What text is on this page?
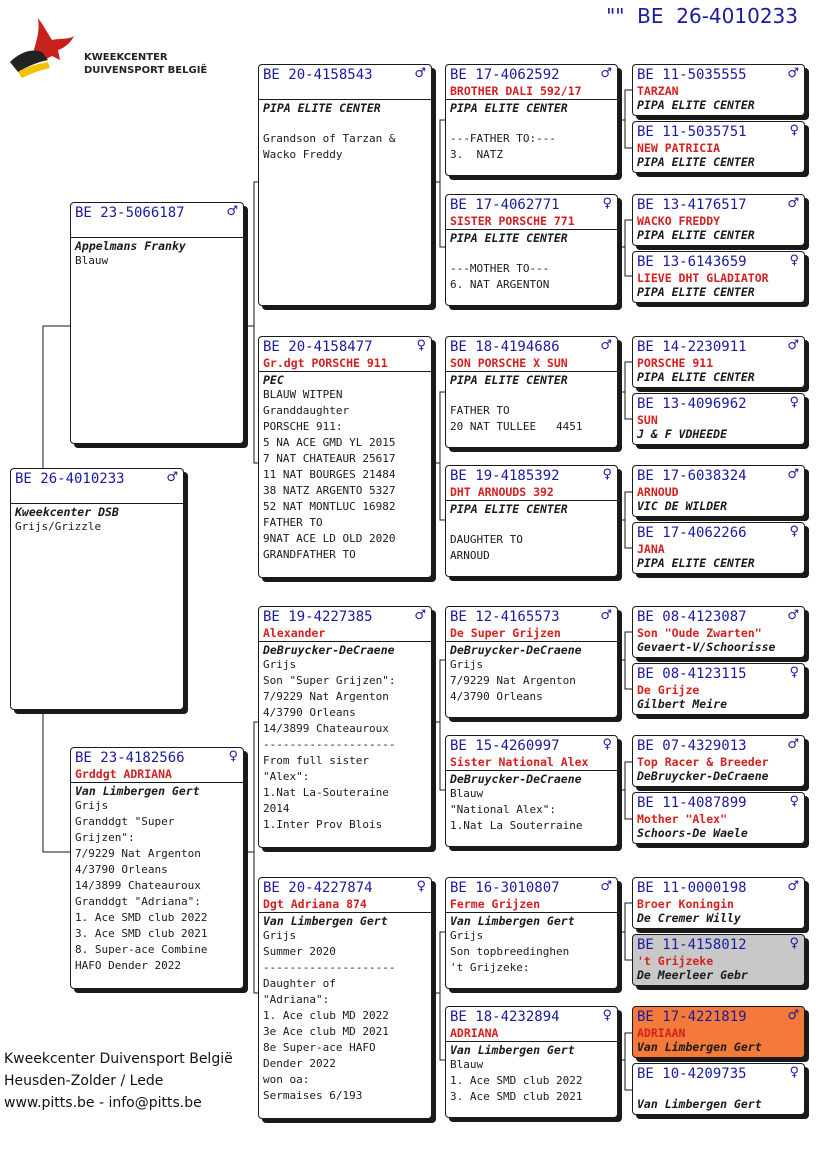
KWEEKCENTER
DUIVENSPORT BELGIË
""  BE  26-4010233
BE 26-4010233	♂

Kweekcenter DSB
Grijs/Grizzle
BE 23-5066187	♂

Appelmans Franky
Blauw
BE 23-4182566	♀
Grddgt ADRIANA
Van Limbergen Gert
Grijs
Granddgt "Super
Grijzen":
7/9229 Nat Argenton
4/3790 Orleans
14/3899 Chateauroux
Granddgt "Adriana":
1. Ace SMD club 2022
3. Ace SMD club 2021
8. Super-ace Combine
HAFO Dender 2022
BE 20-4158543	♂

PIPA ELITE CENTER

Grandson of Tarzan &
Wacko Freddy
BE 20-4158477	♀
Gr.dgt PORSCHE 911
PEC
BLAUW WITPEN
Granddaughter
PORSCHE 911:
5 NA ACE GMD YL 2015
7 NAT CHATEAUR 25617
11 NAT BOURGES 21484
38 NATZ ARGENTO 5327
52 NAT MONTLUC 16982
FATHER TO
9NAT ACE LD OLD 2020
GRANDFATHER TO
BE 19-4227385	♂
Alexander
DeBruycker-DeCraene
Grijs
Son "Super Grijzen":
7/9229 Nat Argenton
4/3790 Orleans
14/3899 Chateauroux
--------------------
From full sister
"Alex":
1.Nat La-Souteraine
2014
1.Inter Prov Blois
BE 20-4227874	♀
Dgt Adriana 874
Van Limbergen Gert
Grijs
Summer 2020
--------------------
Daughter of
"Adriana":
1. Ace club MD 2022
3e Ace club MD 2021
8e Super-ace HAFO
Dender 2022
won oa:
Sermaises 6/193
BE 17-4062592	♂
BROTHER DALI 592/17
PIPA ELITE CENTER

---FATHER TO:---
3.  NATZ
BE 17-4062771	♀
SISTER PORSCHE 771
PIPA ELITE CENTER

---MOTHER TO---
6. NAT ARGENTON
BE 18-4194686	♂
SON PORSCHE X SUN
PIPA ELITE CENTER

FATHER TO
20 NAT TULLEE   4451
BE 19-4185392	♀
DHT ARNOUDS 392
PIPA ELITE CENTER

DAUGHTER TO
ARNOUD
BE 12-4165573	♂
De Super Grijzen
DeBruycker-DeCraene
Grijs
7/9229 Nat Argenton
4/3790 Orleans
BE 15-4260997	♀
Sister National Alex
DeBruycker-DeCraene
Blauw
"National Alex":
1.Nat La Souterraine
BE 16-3010807	♂
Ferme Grijzen
Van Limbergen Gert
Grijs
Son topbreedinghen
't Grijzeke:
BE 18-4232894	♀
ADRIANA
Van Limbergen Gert
Blauw
1. Ace SMD club 2022
3. Ace SMD club 2021
BE 11-5035555	♂
TARZAN
PIPA ELITE CENTER
BE 11-5035751	♀
NEW PATRICIA
PIPA ELITE CENTER
BE 13-4176517	♂
WACKO FREDDY
PIPA ELITE CENTER
BE 13-6143659	♀
LIEVE DHT GLADIATOR
PIPA ELITE CENTER
BE 14-2230911	♂
PORSCHE 911
PIPA ELITE CENTER
BE 13-4096962	♀
SUN
J & F VDHEEDE
BE 17-6038324	♂
ARNOUD
VIC DE WILDER
BE 17-4062266	♀
JANA
PIPA ELITE CENTER
BE 08-4123087	♂
Son "Oude Zwarten"
Gevaert-V/Schoorisse
BE 08-4123115	♀
De Grijze
Gilbert Meire
BE 07-4329013	♂
Top Racer & Breeder
DeBruycker-DeCraene
BE 11-4087899	♀
Mother "Alex"
Schoors-De Waele
BE 11-0000198	♂
Broer Koningin
De Cremer Willy
BE 11-4158012	♀
't Grijzeke
De Meerleer Gebr
BE 17-4221819	♂
ADRIAAN
Van Limbergen Gert
BE 10-4209735	♀

Van Limbergen Gert
Kweekcenter Duivensport België
Heusden-Zolder / Lede
www.pitts.be - info@pitts.be
